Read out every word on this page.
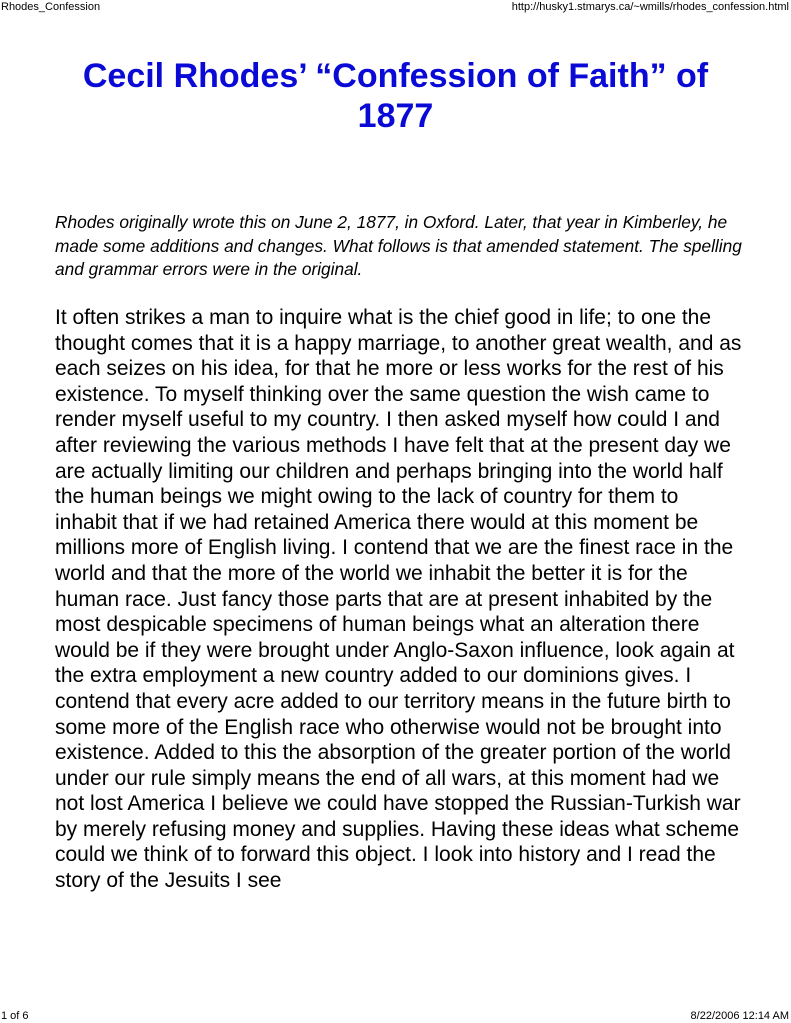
Rhodes_Confession	http://husky1.stmarys.ca/~wmills/rhodes_confession.html
Cecil Rhodes’ “Confession of Faith” of 1877

Rhodes originally wrote this on June 2, 1877, in Oxford. Later, that year in Kimberley, he made some additions and changes. What follows is that amended statement. The spelling and grammar errors were in the original.

It often strikes a man to inquire what is the chief good in life; to one the thought comes that it is a happy marriage, to another great wealth, and as each seizes on his idea, for that he more or less works for the rest of his existence. To myself thinking over the same question the wish came to render myself useful to my country. I then asked myself how could I and after reviewing the various methods I have felt that at the present day we are actually limiting our children and perhaps bringing into the world half the human beings we might owing to the lack of country for them to inhabit that if we had retained America there would at this moment be millions more of English living. I contend that we are the finest race in the world and that the more of the world we inhabit the better it is for the human race. Just fancy those parts that are at present inhabited by the most despicable specimens of human beings what an alteration there would be if they were brought under Anglo-Saxon influence, look again at the extra employment a new country added to our dominions gives. I contend that every acre added to our territory means in the future birth to some more of the English race who otherwise would not be brought into existence. Added to this the absorption of the greater portion of the world under our rule simply means the end of all wars, at this moment had we not lost America I believe we could have stopped the Russian-Turkish war by merely refusing money and supplies. Having these ideas what scheme could we think of to forward this object. I look into history and I read the story of the Jesuits I see

1 of 6	8/22/2006 12:14 AM
